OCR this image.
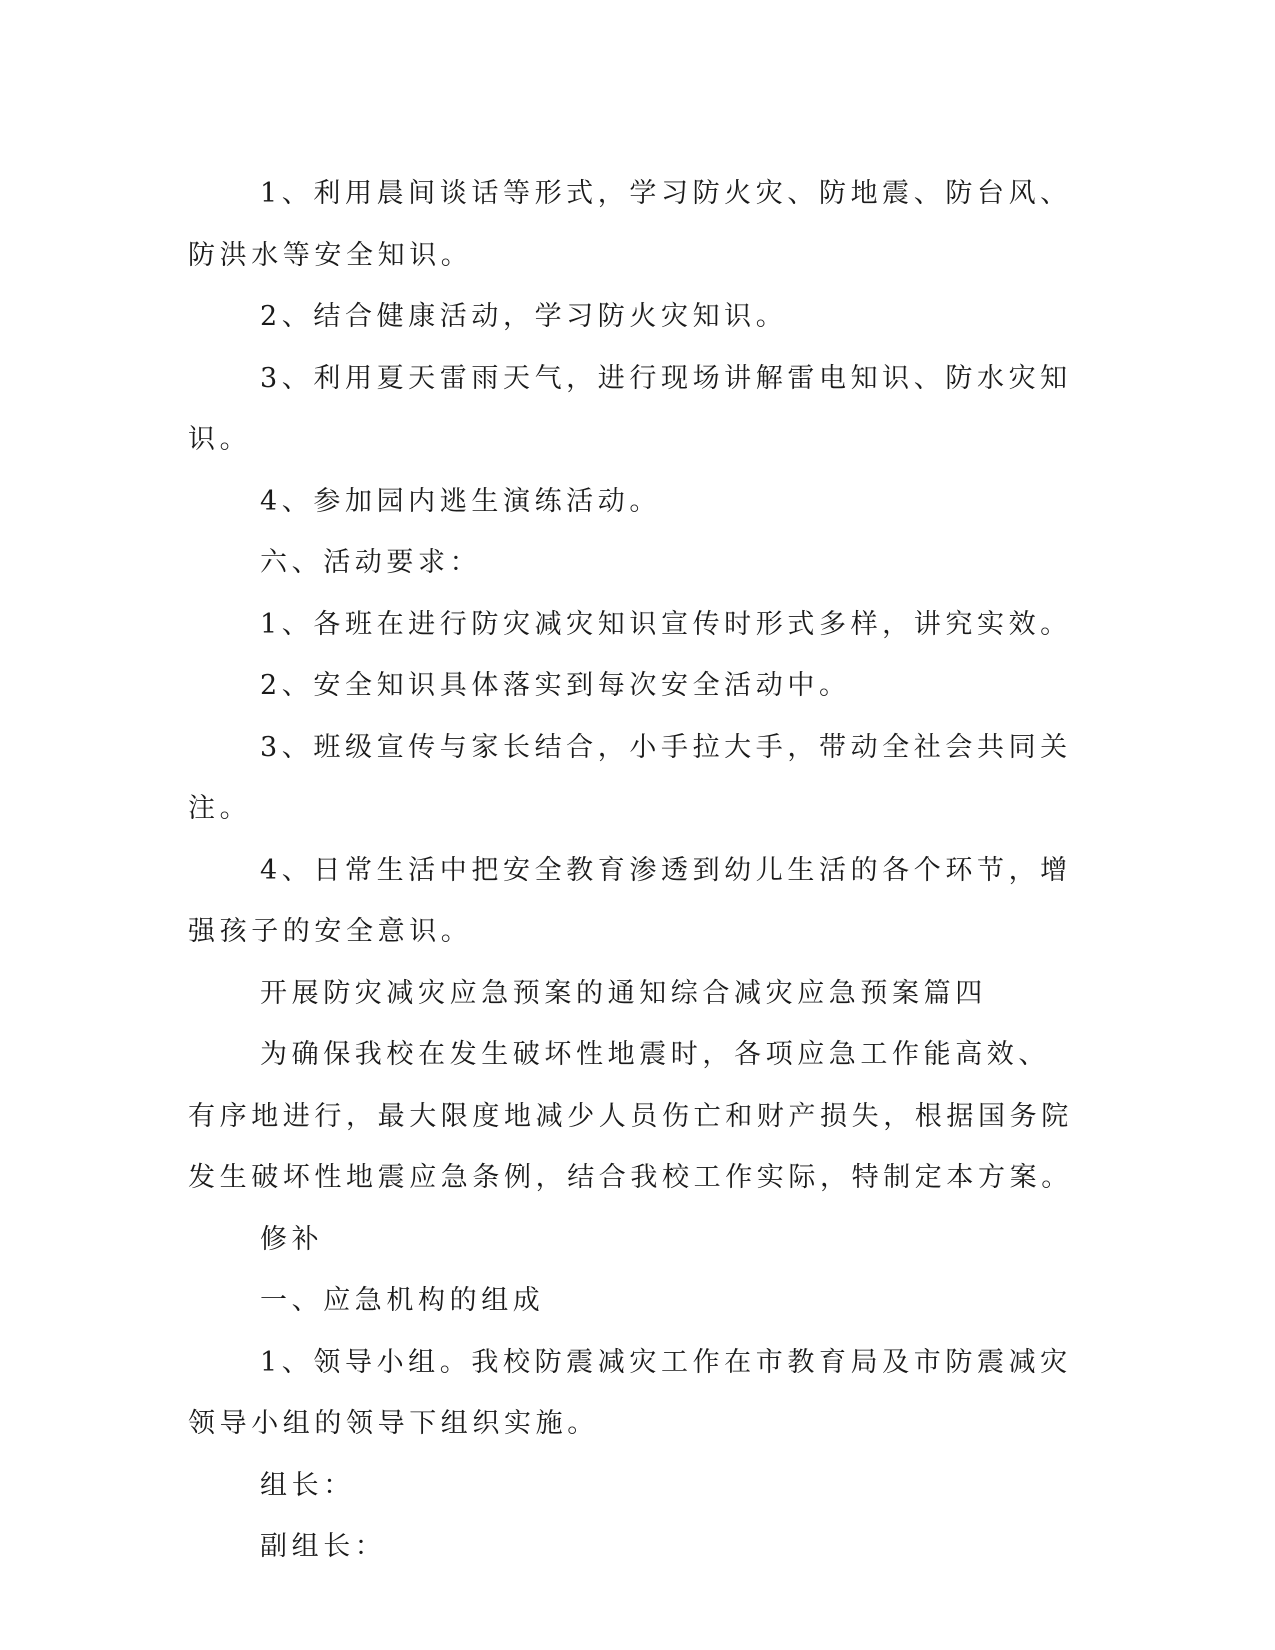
1、利用晨间谈话等形式，学习防火灾、防地震、防台风、防洪水等安全知识。

2、结合健康活动，学习防火灾知识。

3、利用夏天雷雨天气，进行现场讲解雷电知识、防水灾知识。

4、参加园内逃生演练活动。

六、活动要求：

1、各班在进行防灾减灾知识宣传时形式多样，讲究实效。

2、安全知识具体落实到每次安全活动中。

3、班级宣传与家长结合，小手拉大手，带动全社会共同关注。

4、日常生活中把安全教育渗透到幼儿生活的各个环节，增强孩子的安全意识。

开展防灾减灾应急预案的通知综合减灾应急预案篇四

为确保我校在发生破坏性地震时，各项应急工作能高效、有序地进行，最大限度地减少人员伤亡和财产损失，根据国务院发生破坏性地震应急条例，结合我校工作实际，特制定本方案。

修补

一、应急机构的组成

1、领导小组。我校防震减灾工作在市教育局及市防震减灾领导小组的领导下组织实施。

组长：

副组长：
